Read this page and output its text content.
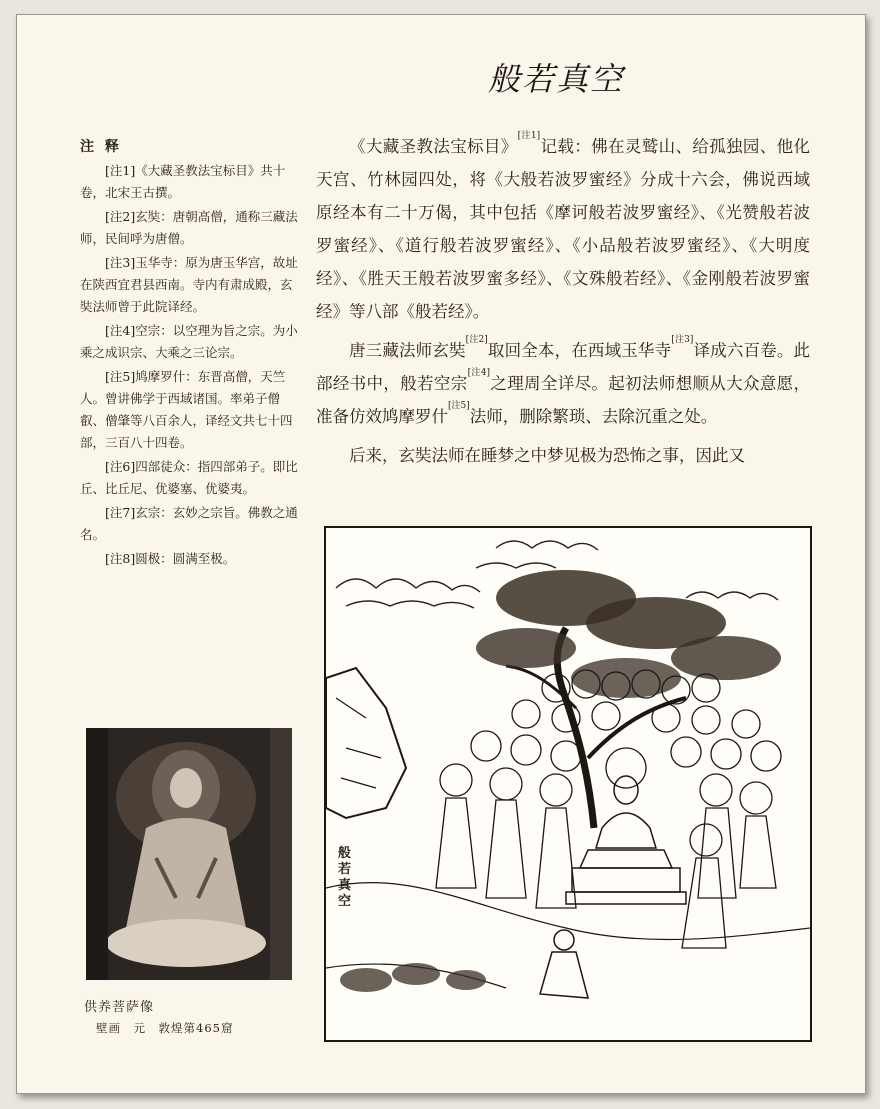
般若真空
注 释

[注1]《大藏圣教法宝标目》共十卷，北宋王古撰。

[注2]玄奘：唐朝高僧，通称三藏法师，民间呼为唐僧。

[注3]玉华寺：原为唐玉华宫，故址在陕西宜君县西南。寺内有肃成殿，玄奘法师曾于此院译经。

[注4]空宗：以空理为旨之宗。为小乘之成识宗、大乘之三论宗。

[注5]鸠摩罗什：东晋高僧，天竺人。曾讲佛学于西域诸国。率弟子僧叡、僧肇等八百余人，译经文共七十四部，三百八十四卷。

[注6]四部徒众：指四部弟子。即比丘、比丘尼、优婆塞、优婆夷。

[注7]玄宗：玄妙之宗旨。佛教之通名。

[注8]圆极：圆满至极。

《大藏圣教法宝标目》[注1]记载：佛在灵鹫山、给孤独园、他化天宫、竹林园四处，将《大般若波罗蜜经》分成十六会，佛说西域原经本有二十万偈，其中包括《摩诃般若波罗蜜经》、《光赞般若波罗蜜经》、《道行般若波罗蜜经》、《小品般若波罗蜜经》、《大明度经》、《胜天王般若波罗蜜多经》、《文殊般若经》、《金刚般若波罗蜜经》等八部《般若经》。

唐三藏法师玄奘[注2]取回全本，在西域玉华寺[注3]译成六百卷。此部经书中，般若空宗[注4]之理周全详尽。起初法师想顺从大众意愿，准备仿效鸠摩罗什[注5]法师，删除繁琐、去除沉重之处。

后来，玄奘法师在睡梦之中梦见极为恐怖之事，因此又

般若真空
供养菩萨像
壁画　元　敦煌第465窟
